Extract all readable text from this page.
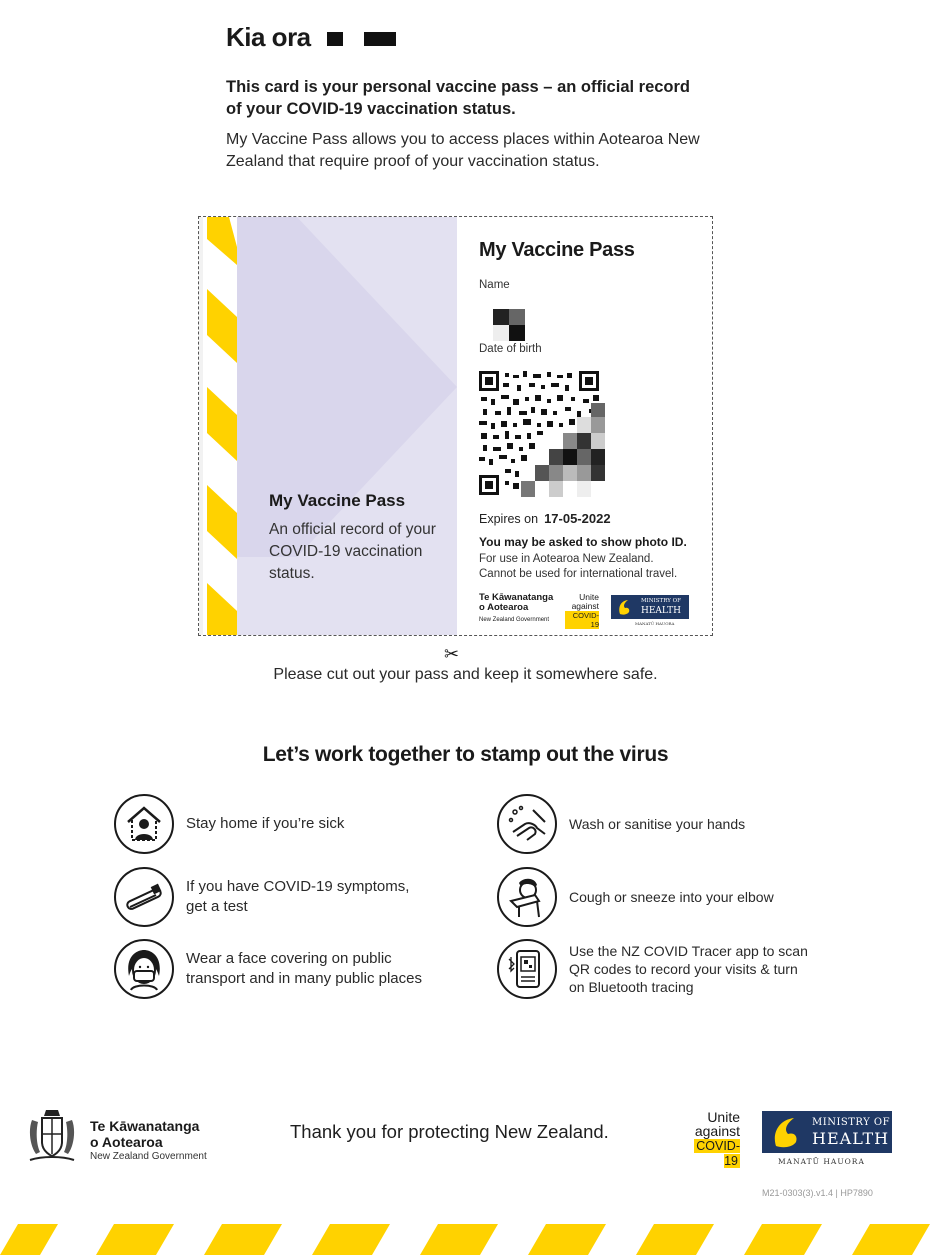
Kia ora
This card is your personal vaccine pass – an official record of your COVID-19 vaccination status.
My Vaccine Pass allows you to access places within Aotearoa New Zealand that require proof of your vaccination status.
My Vaccine Pass
An official record of your COVID-19 vaccination status.
My Vaccine Pass
Name
Date of birth
Expires on 17-05-2022
You may be asked to show photo ID.
For use in Aotearoa New Zealand.
Cannot be used for international travel.
Te Kāwanatanga
o Aotearoa
New Zealand Government
Unite
against
COVID-19
MINISTRY OF
HEALTH
MANATŪ HAUORA
✂
Please cut out your pass and keep it somewhere safe.
Let’s work together to stamp out the virus
Stay home if you’re sick
If you have COVID-19 symptoms, get a test
Wear a face covering on public transport and in many public places
Wash or sanitise your hands
Cough or sneeze into your elbow
Use the NZ COVID Tracer app to scan QR codes to record your visits & turn on Bluetooth tracing
Te Kāwanatanga
o Aotearoa
New Zealand Government
Thank you for protecting New Zealand.
Unite
against
COVID-19
MINISTRY OF
HEALTH
MANATŪ HAUORA
M21-0303(3).v1.4 | HP7890
